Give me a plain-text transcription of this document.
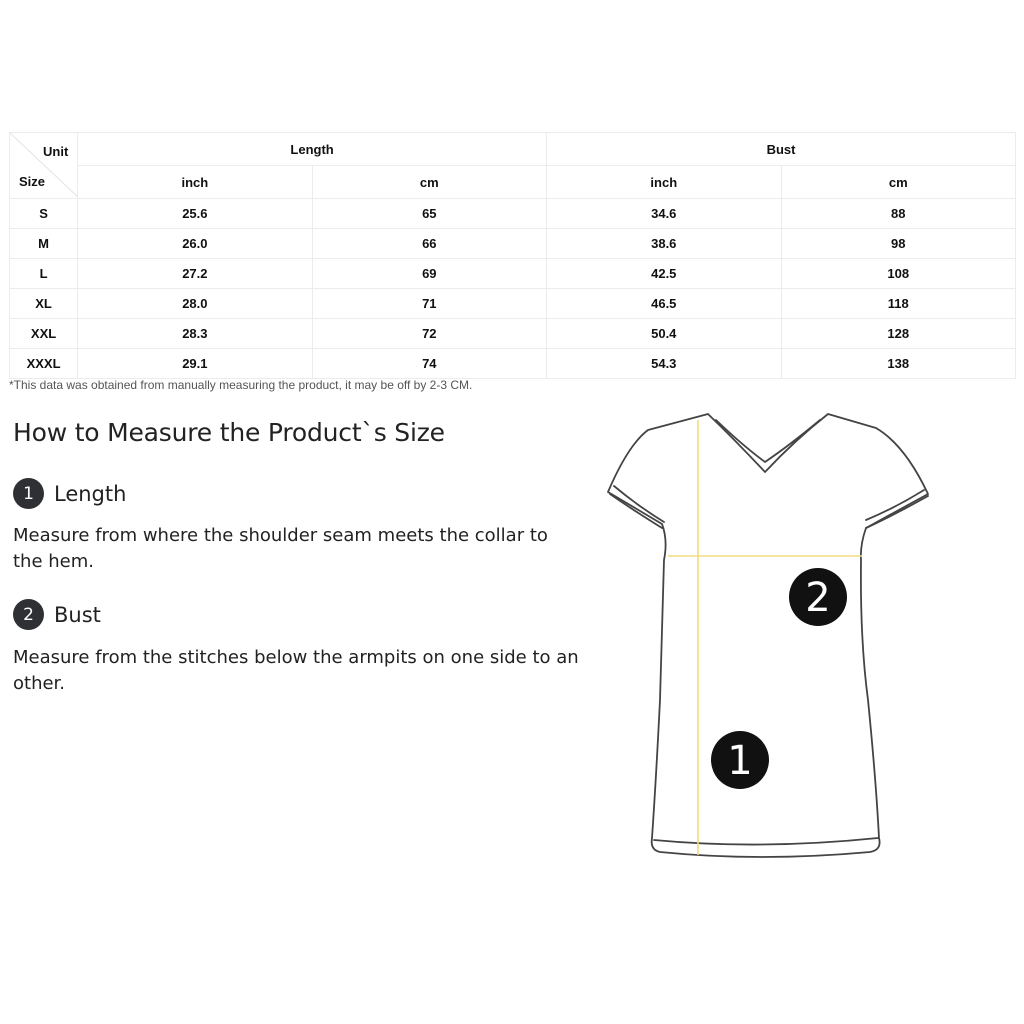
Unit
Size	Length		Bust	
	inch	cm	inch	cm
S	25.6	65	34.6	88
M	26.0	66	38.6	98
L	27.2	69	42.5	108
XL	28.0	71	46.5	118
XXL	28.3	72	50.4	128
XXXL	29.1	74	54.3	138
*This data was obtained from manually measuring the product, it may be off by 2-3 CM.
How to Measure the Product`s Size
1 Length
Measure from where the shoulder seam meets the collar to the hem.
2 Bust
Measure from the stitches below the armpits on one side to an other.
2
1
